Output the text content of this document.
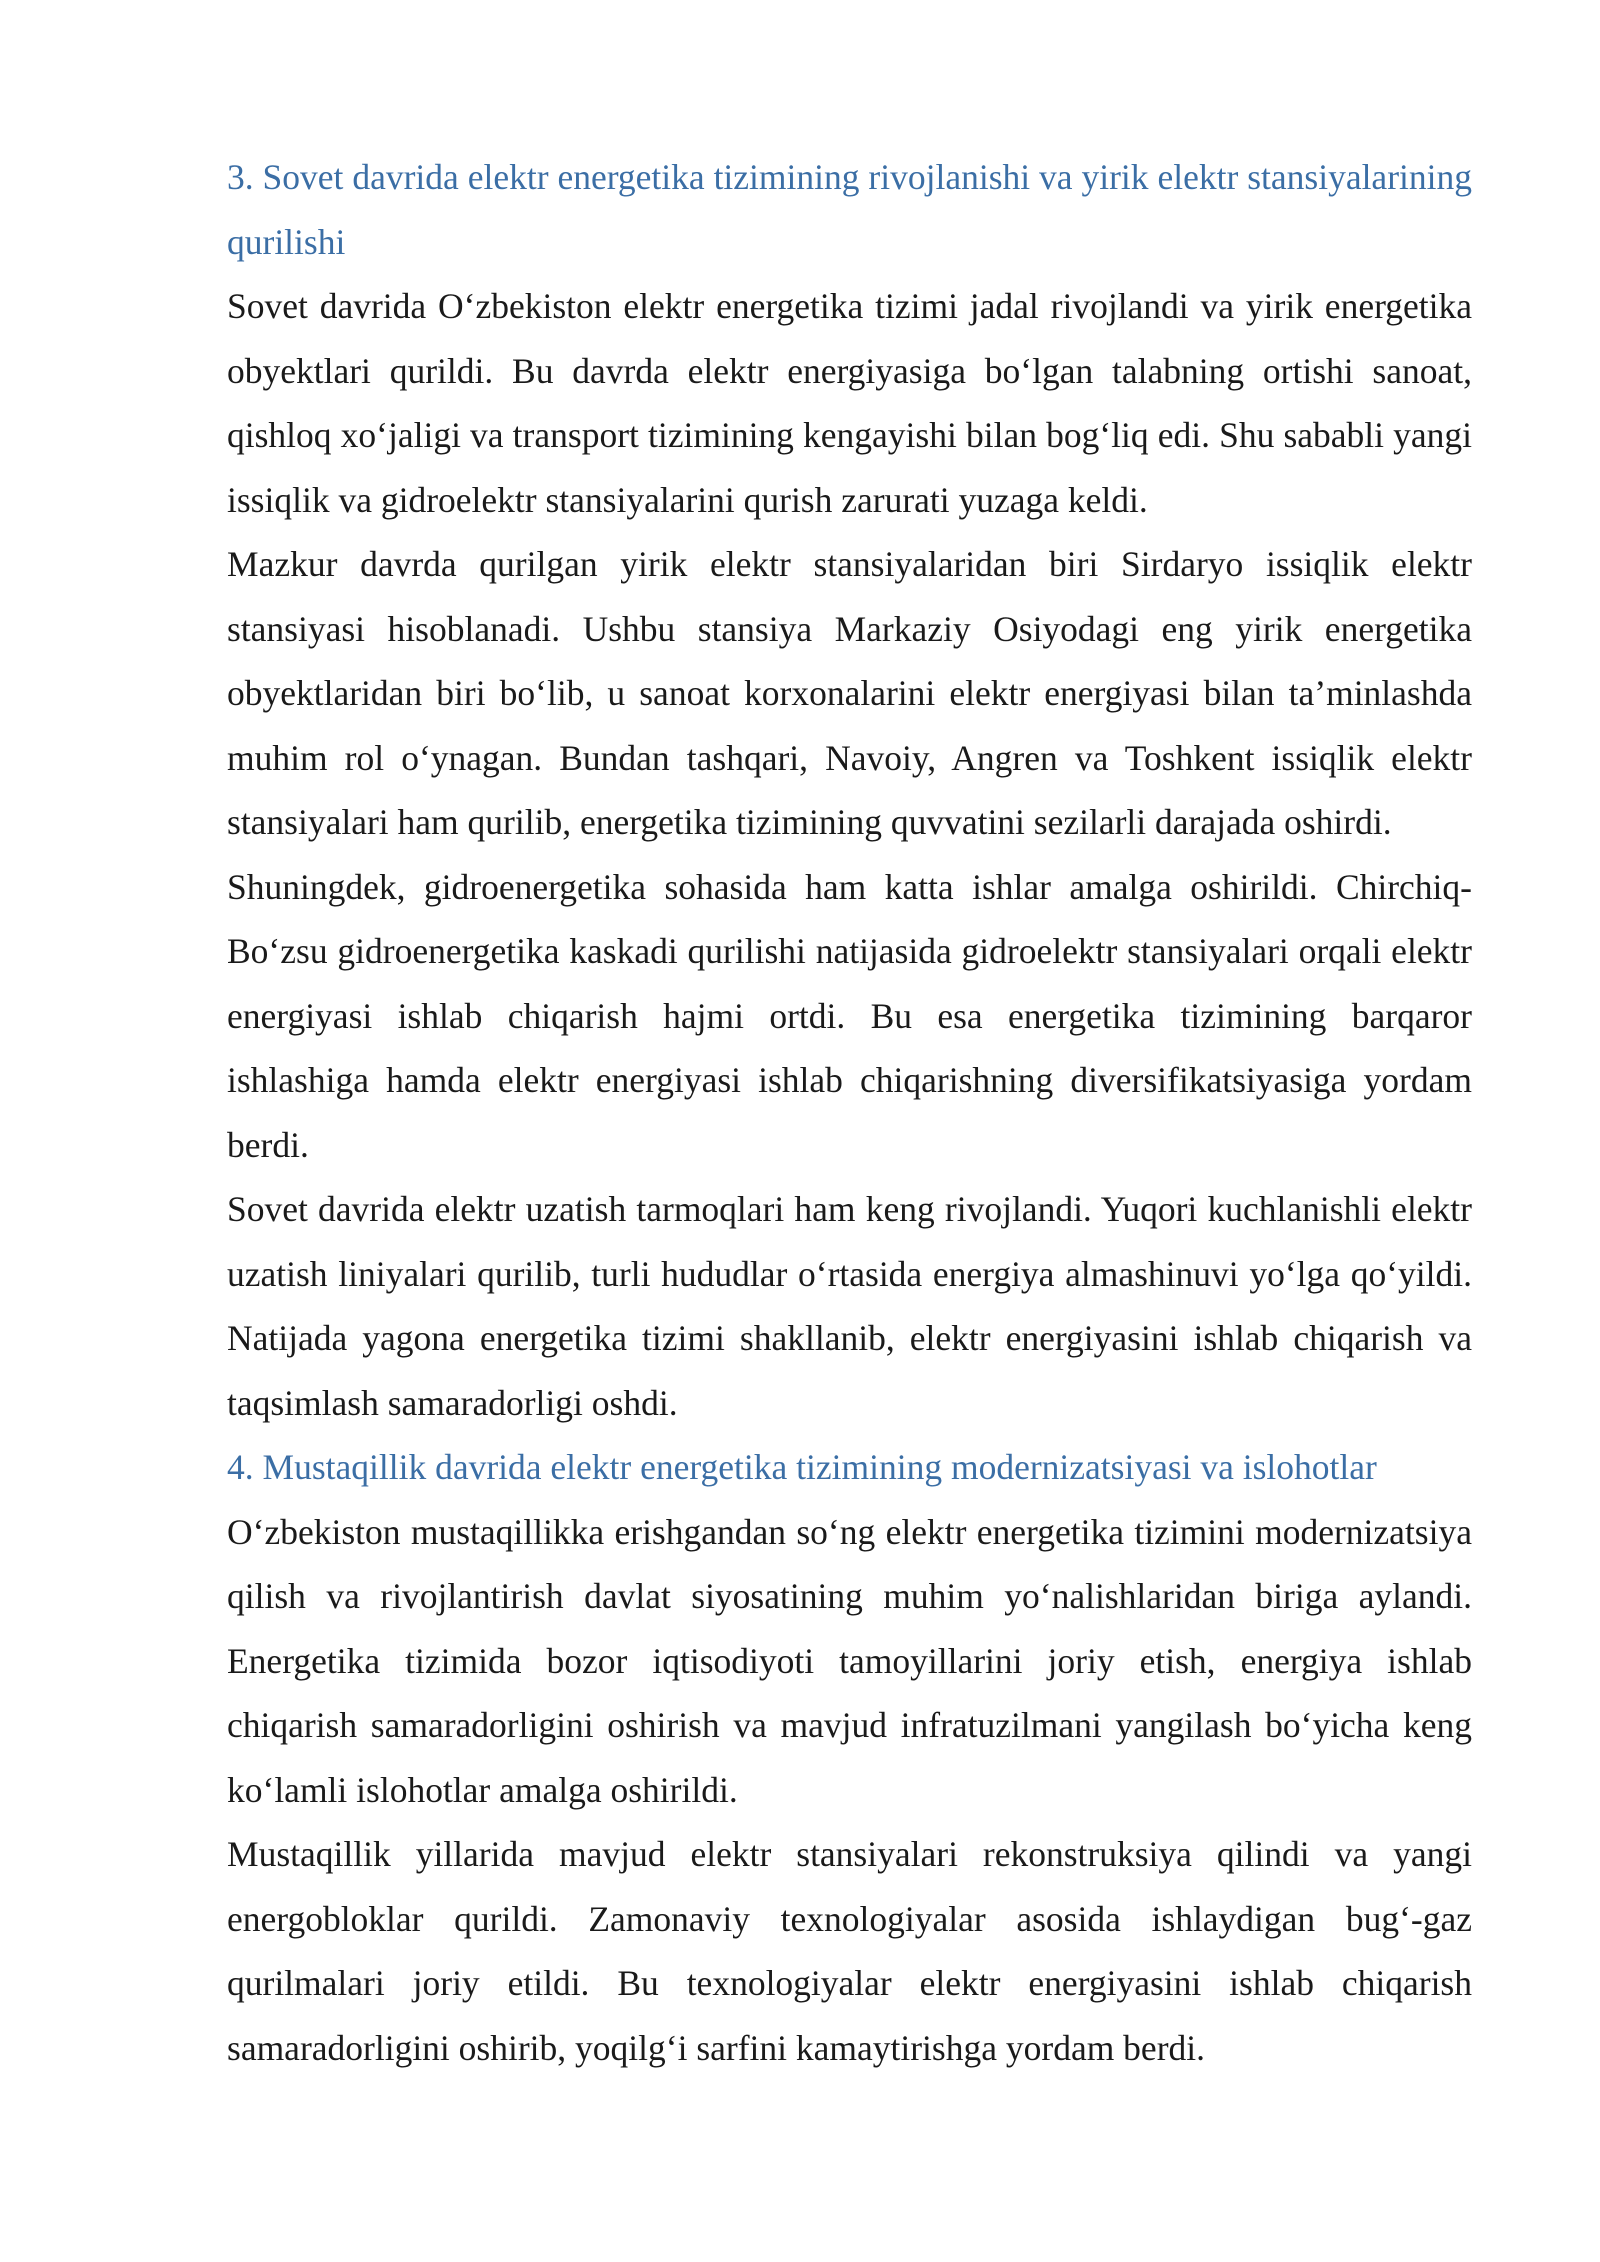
3. Sovet davrida elektr energetika tizimining rivojlanishi va yirik elektr stansiyalarining qurilishi

Sovet davrida O‘zbekiston elektr energetika tizimi jadal rivojlandi va yirik energetika obyektlari qurildi. Bu davrda elektr energiyasiga bo‘lgan talabning ortishi sanoat, qishloq xo‘jaligi va transport tizimining kengayishi bilan bog‘liq edi. Shu sababli yangi issiqlik va gidroelektr stansiyalarini qurish zarurati yuzaga keldi.

Mazkur davrda qurilgan yirik elektr stansiyalaridan biri Sirdaryo issiqlik elektr stansiyasi hisoblanadi. Ushbu stansiya Markaziy Osiyodagi eng yirik energetika obyektlaridan biri bo‘lib, u sanoat korxonalarini elektr energiyasi bilan ta’minlashda muhim rol o‘ynagan. Bundan tashqari, Navoiy, Angren va Toshkent issiqlik elektr stansiyalari ham qurilib, energetika tizimining quvvatini sezilarli darajada oshirdi.

Shuningdek, gidroenergetika sohasida ham katta ishlar amalga oshirildi. Chirchiq-Bo‘zsu gidroenergetika kaskadi qurilishi natijasida gidroelektr stansiyalari orqali elektr energiyasi ishlab chiqarish hajmi ortdi. Bu esa energetika tizimining barqaror ishlashiga hamda elektr energiyasi ishlab chiqarishning diversifikatsiyasiga yordam berdi.

Sovet davrida elektr uzatish tarmoqlari ham keng rivojlandi. Yuqori kuchlanishli elektr uzatish liniyalari qurilib, turli hududlar o‘rtasida energiya almashinuvi yo‘lga qo‘yildi. Natijada yagona energetika tizimi shakllanib, elektr energiyasini ishlab chiqarish va taqsimlash samaradorligi oshdi.

4. Mustaqillik davrida elektr energetika tizimining modernizatsiyasi va islohotlar

O‘zbekiston mustaqillikka erishgandan so‘ng elektr energetika tizimini modernizatsiya qilish va rivojlantirish davlat siyosatining muhim yo‘nalishlaridan biriga aylandi. Energetika tizimida bozor iqtisodiyoti tamoyillarini joriy etish, energiya ishlab chiqarish samaradorligini oshirish va mavjud infratuzilmani yangilash bo‘yicha keng ko‘lamli islohotlar amalga oshirildi.

Mustaqillik yillarida mavjud elektr stansiyalari rekonstruksiya qilindi va yangi energobloklar qurildi. Zamonaviy texnologiyalar asosida ishlaydigan bug‘-gaz qurilmalari joriy etildi. Bu texnologiyalar elektr energiyasini ishlab chiqarish samaradorligini oshirib, yoqilg‘i sarfini kamaytirishga yordam berdi.
